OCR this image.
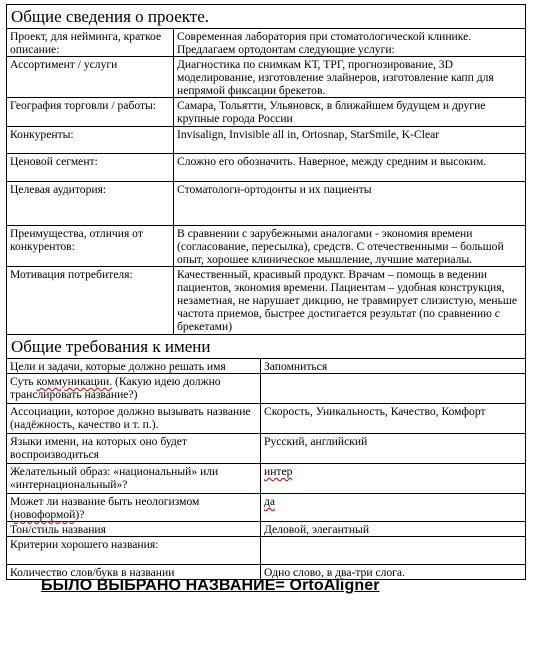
Общие сведения о проекте.	
Проект, для нейминга, краткое описание:	Современная лаборатория при стоматологической клинике. Предлагаем ортодонтам следующие услуги:
Ассортимент / услуги	Диагностика по снимкам КТ, ТРГ, прогнозирование, 3D моделирование, изготовление элайнеров, изготовление капп для непрямой фиксации брекетов.
География торговли / работы:	Самара, Тольятти, Ульяновск, в ближайшем будущем и другие крупные города России
Конкуренты:	Invisalign, Invisible all in, Ortosnap, StarSmile, K-Clear
Ценовой сегмент:	Сложно его обозначить. Наверное, между средним и высоким.
Целевая аудитория:	Стоматологи-ортодонты и их пациенты
Преимущества, отличия от конкурентов:	В сравнении с зарубежными аналогами - экономия времени (согласование, пересылка), средств. С отечественными – большой опыт, хорошее клиническое мышление, лучшие материалы.
Мотивация потребителя:	Качественный, красивый продукт. Врачам – помощь в ведении пациентов, экономия времени. Пациентам – удобная конструкция, незаметная, не нарушает дикцию, не травмирует слизистую, меньше частота приемов, быстрее достигается результат (по сравнению с брекетами)
Общие требования к имени	
Цели и задачи, которые должно решать имя	Запомниться
Суть коммуникации. (Какую идею должно транслировать название?)	
Ассоциации, которое должно вызывать название (надёжность, качество и т. п.).	Скорость, Уникальность, Качество, Комфорт
Языки имени, на которых оно будет воспроизводиться	Русский, английский
Желательный образ: «национальный» или «интернациональный»?	интер
Может ли название быть неологизмом (новоформой)?	да
Тон/стиль названия	Деловой, элегантный
Критерии хорошего названия:	
Количество слов/букв в названии	Одно слово, в два-три слога.
БЫЛО ВЫБРАНО НАЗВАНИЕ= OrtoAligner
